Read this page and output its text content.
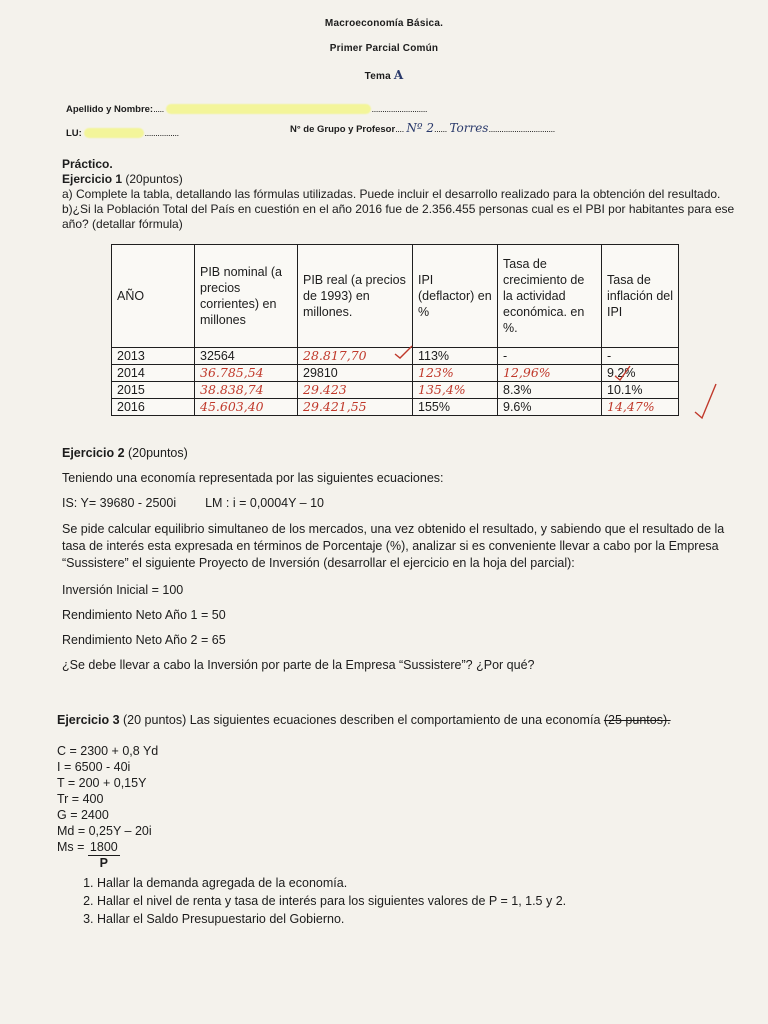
Macroeconomía Básica.
Primer Parcial Común
Tema A
Apellido y Nombre:.....	..........................
LU:	................	N° de Grupo y Profesor.... Nº 2...... Torres...............................
Práctico.
Ejercicio 1 (20puntos)
a) Complete la tabla, detallando las fórmulas utilizadas. Puede incluir el desarrollo realizado para la obtención del resultado.
b)¿Si la Población Total del País en cuestión en el año 2016 fue de 2.356.455 personas cual es el PBI por habitantes para ese año? (detallar fórmula)
AÑO	PIB nominal (a precios corrientes) en millones	PIB real (a precios de 1993) en millones.	IPI (deflactor) en %	Tasa de crecimiento de la actividad económica. en %.	Tasa de inflación del IPI
2013	32564	28.817,70	113%	-	-
2014	36.785,54	29810	123%	12,96%	9.2%
2015	38.838,74	29.423	135,4%	8.3%	10.1%
2016	45.603,40	29.421,55	155%	9.6%	14,47%
Ejercicio 2 (20puntos)
Teniendo una economía representada por las siguientes ecuaciones:
IS: Y= 39680 - 2500i LM : i = 0,0004Y – 10
Se pide calcular equilibrio simultaneo de los mercados, una vez obtenido el resultado, y sabiendo que el resultado de la tasa de interés esta expresada en términos de Porcentaje (%), analizar si es conveniente llevar a cabo por la Empresa “Sussistere” el siguiente Proyecto de Inversión (desarrollar el ejercicio en la hoja del parcial):
Inversión Inicial = 100
Rendimiento Neto Año 1 = 50
Rendimiento Neto Año 2 = 65
¿Se debe llevar a cabo la Inversión por parte de la Empresa “Sussistere”? ¿Por qué?
Ejercicio 3 (20 puntos) Las siguientes ecuaciones describen el comportamiento de una economía (25 puntos).
C = 2300 + 0,8 Yd
I = 6500 - 40i
T = 200 + 0,15Y
Tr = 400
G = 2400
Md = 0,25Y – 20i
$Ms = \frac{1800}{P}$
1. Hallar la demanda agregada de la economía.
2. Hallar el nivel de renta y tasa de interés para los siguientes valores de P = 1, 1.5 y 2.
3. Hallar el Saldo Presupuestario del Gobierno.
